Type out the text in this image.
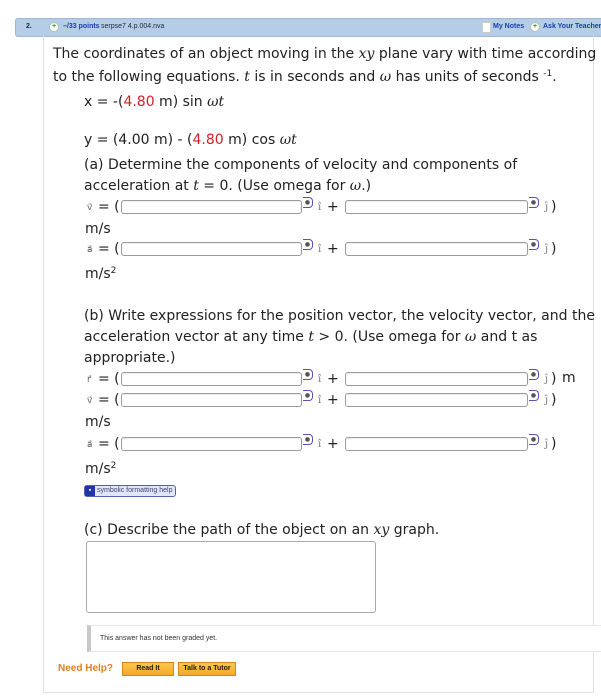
2.	+ –/33 points serpse7 4.p.004.nva	My Notes	+ Ask Your Teacher
The coordinates of an object moving in the xy plane vary with time according
to the following equations. t is in seconds and ω has units of seconds $^{-1}$.
x = -(4.80 m) sin ωt
y = (4.00 m) - (4.80 m) cos ωt
(a) Determine the components of velocity and components of
acceleration at t = 0. (Use omega for ω.)
v⃗ = (	● î +	● ĵ )
m/s
a⃗ = (	● î +	● ĵ )
$m/s^2$
(b) Write expressions for the position vector, the velocity vector, and the
acceleration vector at any time t > 0. (Use omega for ω and t as
appropriate.)
r⃗ = (	● î +	● ĵ ) m
v⃗ = (	● î +	● ĵ )
m/s
a⃗ = (	● î +	● ĵ )
$m/s^2$
▪ symbolic formatting help
(c) Describe the path of the object on an xy graph.
This answer has not been graded yet.
Need Help?	Read It	Talk to a Tutor
